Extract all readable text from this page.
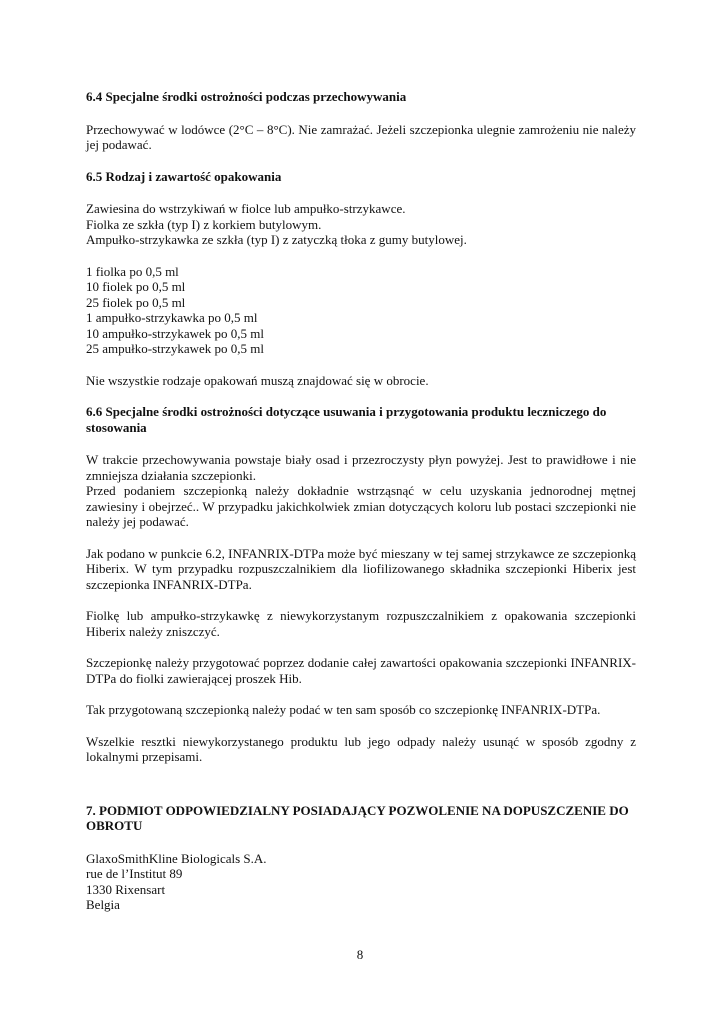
6.4 Specjalne środki ostrożności podczas przechowywania

Przechowywać w lodówce (2°C – 8°C). Nie zamrażać. Jeżeli szczepionka ulegnie zamrożeniu nie należy jej podawać.

6.5 Rodzaj i zawartość opakowania

Zawiesina do wstrzykiwań w fiolce lub ampułko-strzykawce.

Fiolka ze szkła (typ I) z korkiem butylowym.

Ampułko-strzykawka ze szkła (typ I) z zatyczką tłoka z gumy butylowej.

1 fiolka po 0,5 ml

10 fiolek po 0,5 ml

25 fiolek po 0,5 ml

1 ampułko-strzykawka po 0,5 ml

10 ampułko-strzykawek po 0,5 ml

25 ampułko-strzykawek po 0,5 ml

Nie wszystkie rodzaje opakowań muszą znajdować się w obrocie.

6.6 Specjalne środki ostrożności dotyczące usuwania i przygotowania produktu leczniczego do stosowania

W trakcie przechowywania powstaje biały osad i przezroczysty płyn powyżej. Jest to prawidłowe i nie zmniejsza działania szczepionki.

Przed podaniem szczepionką należy dokładnie wstrząsnąć w celu uzyskania jednorodnej mętnej zawiesiny i obejrzeć.. W przypadku jakichkolwiek zmian dotyczących koloru lub postaci szczepionki nie należy jej podawać.

Jak podano w punkcie 6.2, INFANRIX-DTPa może być mieszany w tej samej strzykawce ze szczepionką Hiberix. W tym przypadku rozpuszczalnikiem dla liofilizowanego składnika szczepionki Hiberix jest szczepionka INFANRIX-DTPa.

Fiolkę lub ampułko-strzykawkę z niewykorzystanym rozpuszczalnikiem z opakowania szczepionki Hiberix należy zniszczyć.

Szczepionkę należy przygotować poprzez dodanie całej zawartości opakowania szczepionki INFANRIX-DTPa do fiolki zawierającej proszek Hib.

Tak przygotowaną szczepionką należy podać w ten sam sposób co szczepionkę INFANRIX-DTPa.

Wszelkie resztki niewykorzystanego produktu lub jego odpady należy usunąć w sposób zgodny z lokalnymi przepisami.

7. PODMIOT ODPOWIEDZIALNY POSIADAJĄCY POZWOLENIE NA DOPUSZCZENIE DO OBROTU

GlaxoSmithKline Biologicals S.A.

rue de l’Institut 89

1330 Rixensart

Belgia

8
